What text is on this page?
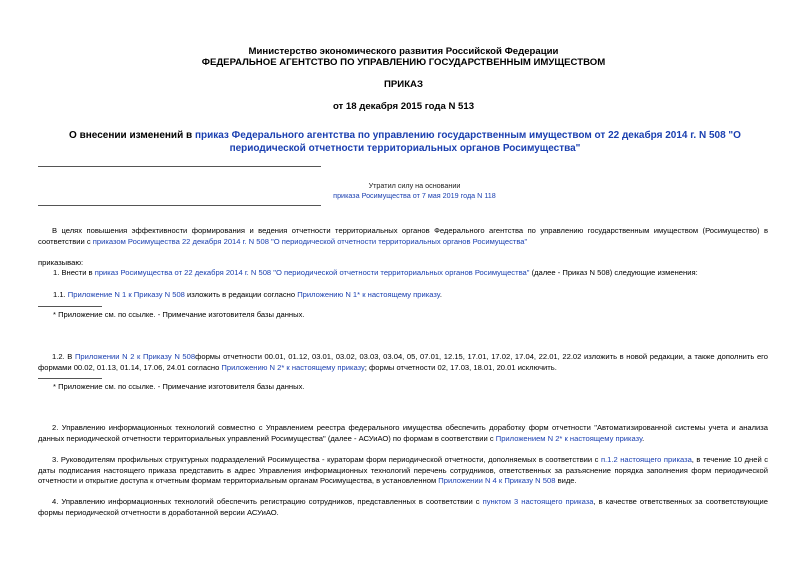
Министерство экономического развития Российской Федерации
ФЕДЕРАЛЬНОЕ АГЕНТСТВО ПО УПРАВЛЕНИЮ ГОСУДАРСТВЕННЫМ ИМУЩЕСТВОМ
ПРИКАЗ
от 18 декабря 2015 года N 513
О внесении изменений в приказ Федерального агентства по управлению государственным имуществом от 22 декабря 2014 г. N 508 "О периодической отчетности территориальных органов Росимущества"
Утратил силу на основании
приказа Росимущества от 7 мая 2019 года N 118
В целях повышения эффективности формирования и ведения отчетности территориальных органов Федерального агентства по управлению государственным имуществом (Росимущество) в соответствии с приказом Росимущества 22 декабря 2014 г. N 508 "О периодической отчетности территориальных органов Росимущества"
приказываю:
1. Внести в приказ Росимущества от 22 декабря 2014 г. N 508 "О периодической отчетности территориальных органов Росимущества" (далее - Приказ N 508) следующие изменения:
1.1. Приложение N 1 к Приказу N 508 изложить в редакции согласно Приложению N 1* к настоящему приказу.
* Приложение см. по ссылке. - Примечание изготовителя базы данных.
1.2. В Приложении N 2 к Приказу N 508формы отчетности 00.01, 01.12, 03.01, 03.02, 03.03, 03.04, 05, 07.01, 12.15, 17.01, 17.02, 17.04, 22.01, 22.02 изложить в новой редакции, а также дополнить его формами 00.02, 01.13, 01.14, 17.06, 24.01 согласно Приложению N 2* к настоящему приказу; формы отчетности 02, 17.03, 18.01, 20.01 исключить.
* Приложение см. по ссылке. - Примечание изготовителя базы данных.
2. Управлению информационных технологий совместно с Управлением реестра федерального имущества обеспечить доработку форм отчетности "Автоматизированной системы учета и анализа данных периодической отчетности территориальных управлений Росимущества" (далее - АСУиАО) по формам в соответствии с Приложением N 2* к настоящему приказу.
3. Руководителям профильных структурных подразделений Росимущества - кураторам форм периодической отчетности, дополняемых в соответствии с п.1.2 настоящего приказа, в течение 10 дней с даты подписания настоящего приказа представить в адрес Управления информационных технологий перечень сотрудников, ответственных за разъяснение порядка заполнения форм периодической отчетности и открытие доступа к отчетным формам территориальным органам Росимущества, в установленном Приложении N 4 к Приказу N 508 виде.
4. Управлению информационных технологий обеспечить регистрацию сотрудников, представленных в соответствии с пунктом 3 настоящего приказа, в качестве ответственных за соответствующие формы периодической отчетности в доработанной версии АСУиАО.
